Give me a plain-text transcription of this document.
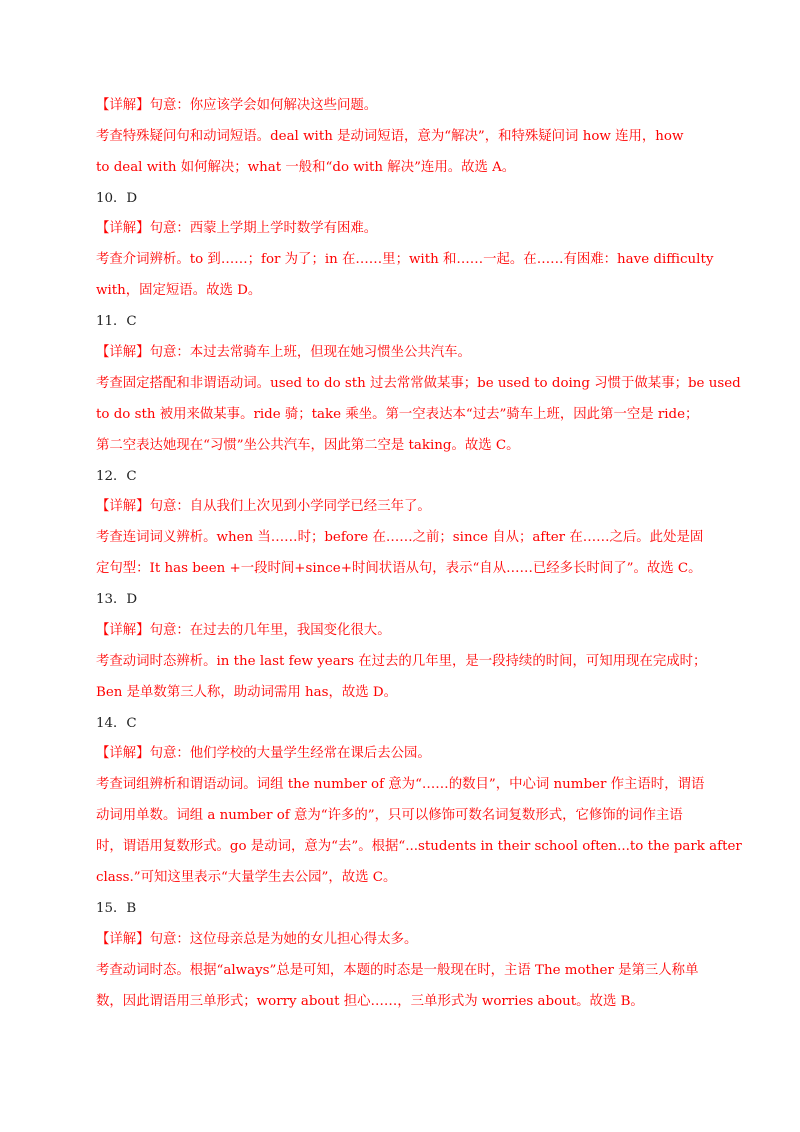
【详解】句意：你应该学会如何解决这些问题。
考查特殊疑问句和动词短语。deal with 是动词短语，意为“解决”，和特殊疑问词 how 连用，how
to deal with 如何解决；what 一般和“do with 解决”连用。故选 A。
10．D
【详解】句意：西蒙上学期上学时数学有困难。
考查介词辨析。to 到……；for 为了；in 在……里；with 和……一起。在……有困难：have difficulty
with，固定短语。故选 D。
11．C
【详解】句意：本过去常骑车上班，但现在她习惯坐公共汽车。
考查固定搭配和非谓语动词。used to do sth 过去常常做某事；be used to doing 习惯于做某事；be used
to do sth 被用来做某事。ride 骑；take 乘坐。第一空表达本“过去”骑车上班，因此第一空是 ride；
第二空表达她现在“习惯”坐公共汽车，因此第二空是 taking。故选 C。
12．C
【详解】句意：自从我们上次见到小学同学已经三年了。
考查连词词义辨析。when 当……时；before 在……之前；since 自从；after 在……之后。此处是固
定句型：It has been +一段时间+since+时间状语从句，表示“自从……已经多长时间了”。故选 C。
13．D
【详解】句意：在过去的几年里，我国变化很大。
考查动词时态辨析。in the last few years 在过去的几年里，是一段持续的时间，可知用现在完成时；
Ben 是单数第三人称，助动词需用 has，故选 D。
14．C
【详解】句意：他们学校的大量学生经常在课后去公园。
考查词组辨析和谓语动词。词组 the number of 意为“……的数目”，中心词 number 作主语时，谓语
动词用单数。词组 a number of 意为“许多的”，只可以修饰可数名词复数形式，它修饰的词作主语
时，谓语用复数形式。go 是动词，意为“去”。根据“...students in their school often...to the park after
class.”可知这里表示“大量学生去公园”，故选 C。
15．B
【详解】句意：这位母亲总是为她的女儿担心得太多。
考查动词时态。根据“always”总是可知，本题的时态是一般现在时，主语 The mother 是第三人称单
数，因此谓语用三单形式；worry about 担心……，三单形式为 worries about。故选 B。
